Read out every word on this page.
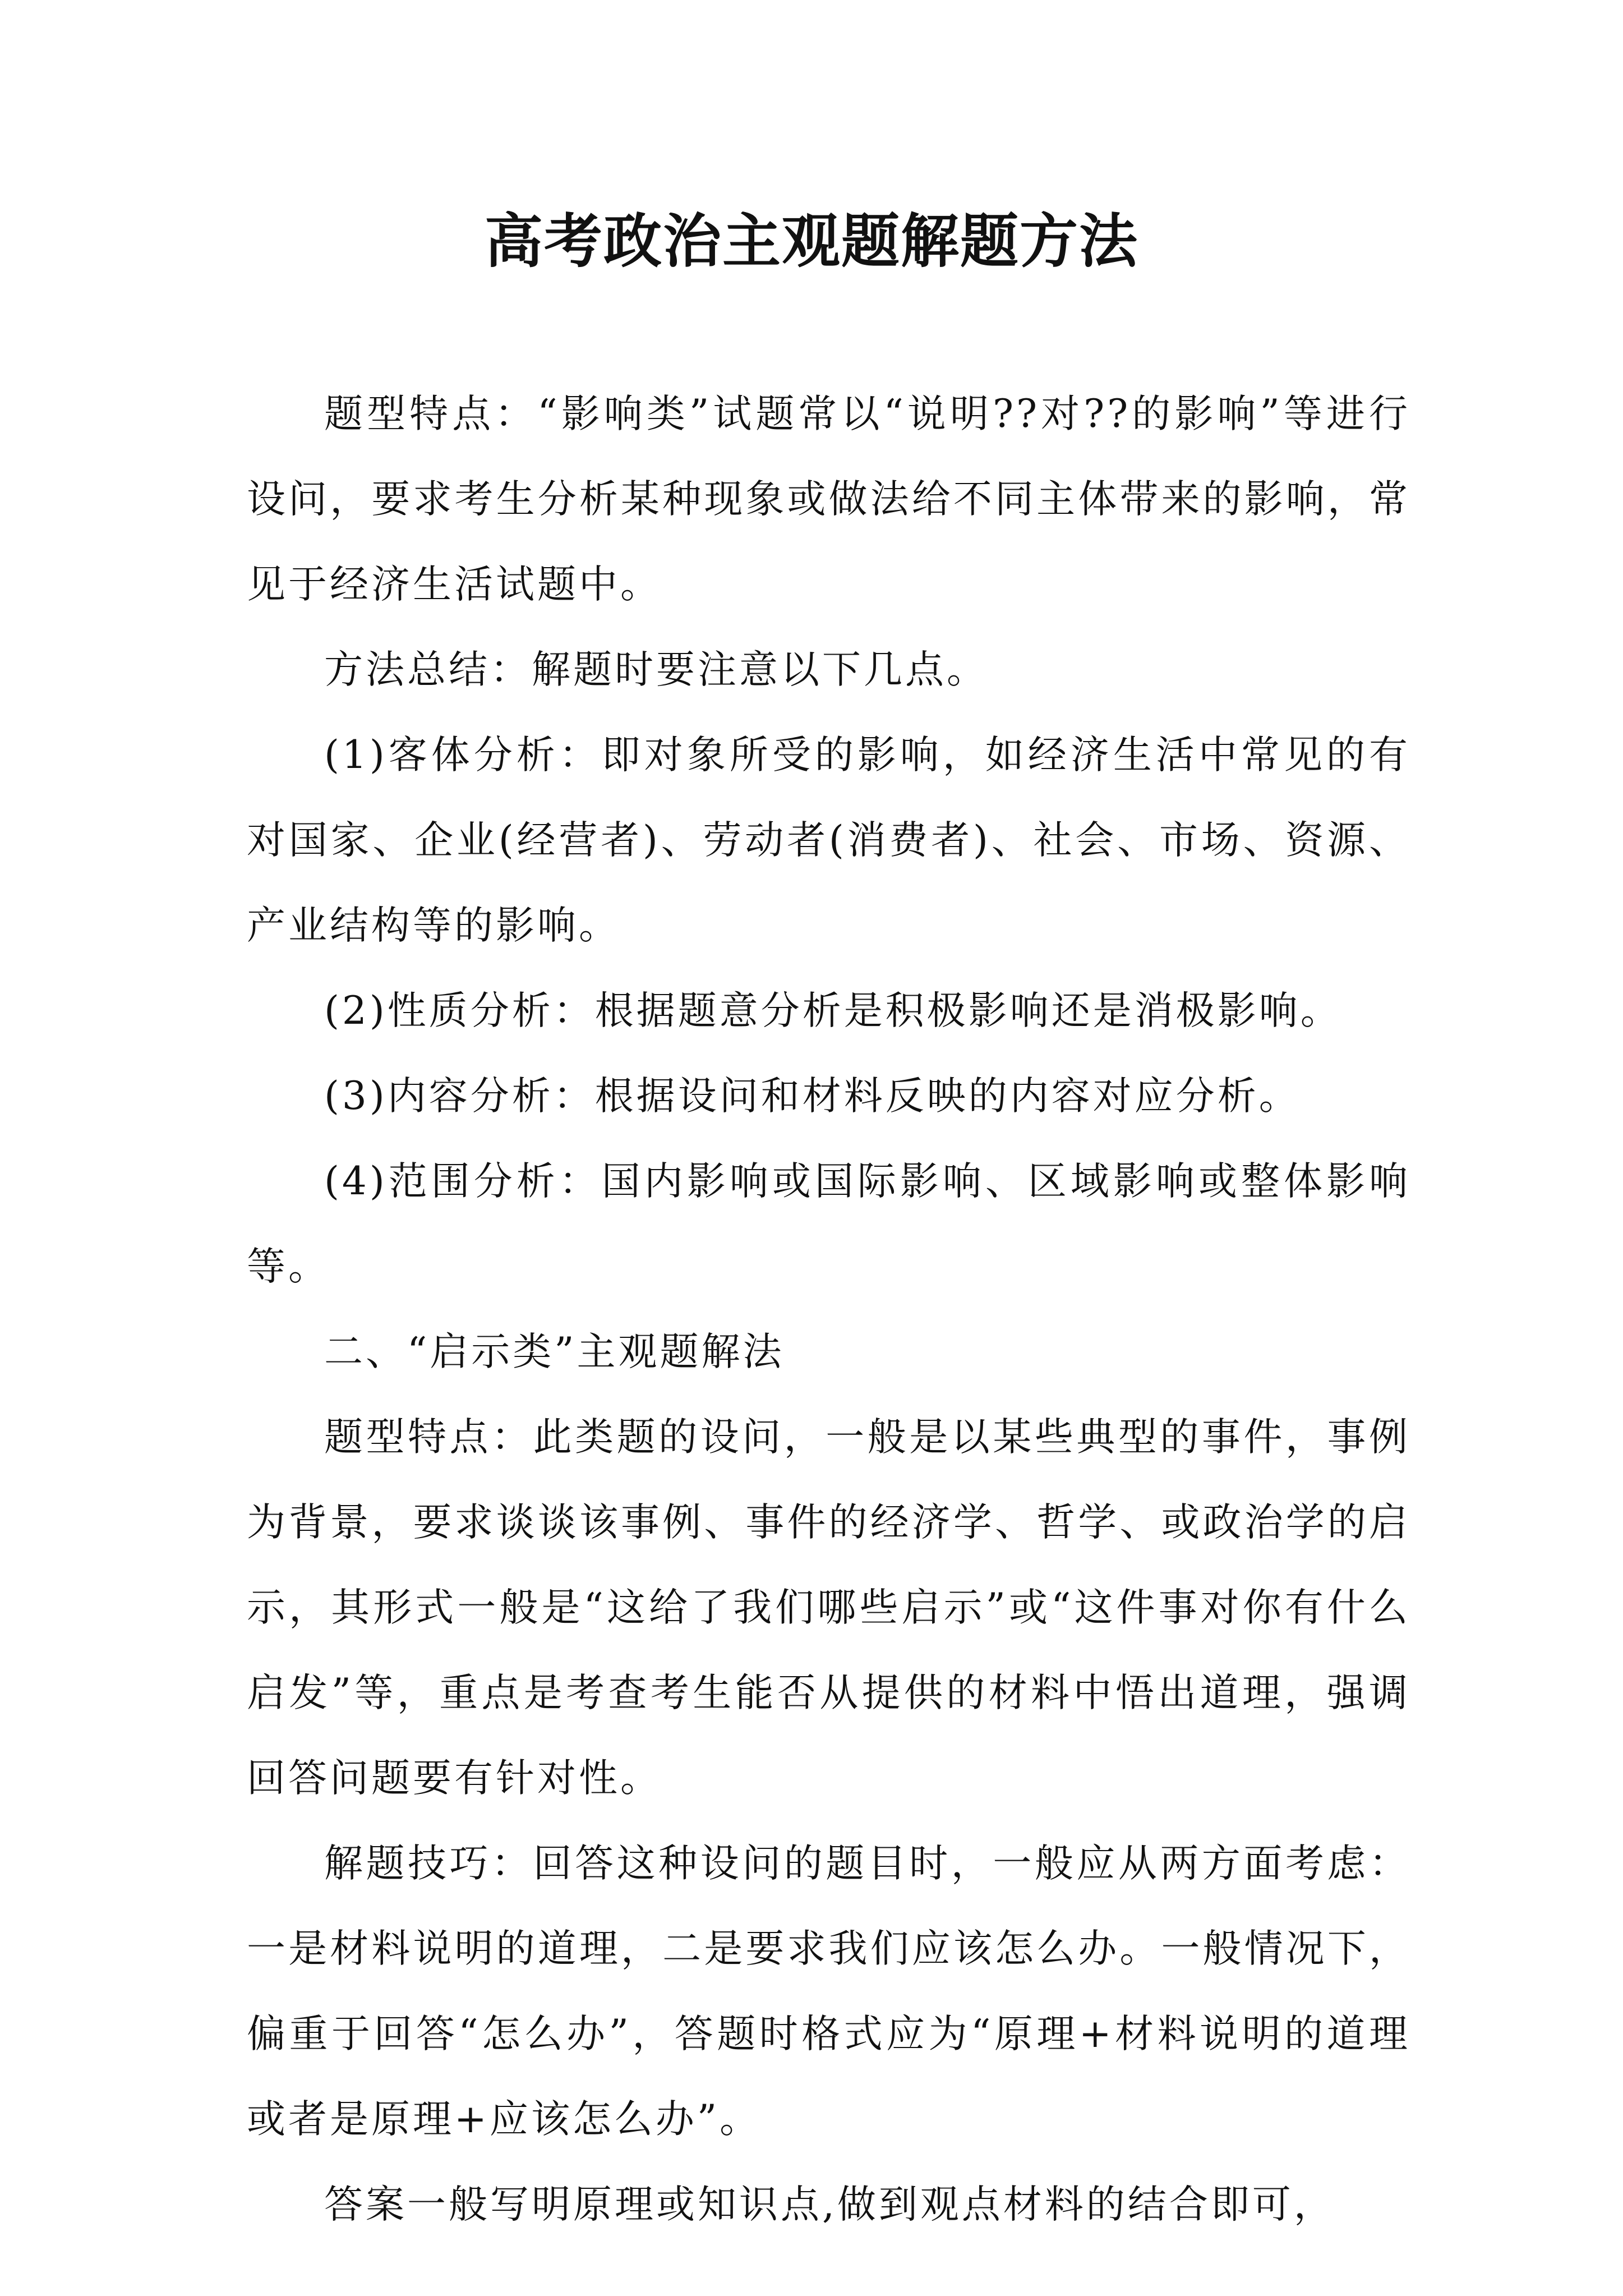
高考政治主观题解题方法

题型特点：“影响类”试题常以“说明??对??的影响”等进行设问，要求考生分析某种现象或做法给不同主体带来的影响，常见于经济生活试题中。

方法总结：解题时要注意以下几点。

(1)客体分析：即对象所受的影响，如经济生活中常见的有对国家、企业(经营者)、劳动者(消费者)、社会、市场、资源、产业结构等的影响。

(2)性质分析：根据题意分析是积极影响还是消极影响。

(3)内容分析：根据设问和材料反映的内容对应分析。

(4)范围分析：国内影响或国际影响、区域影响或整体影响等。

二、“启示类”主观题解法

题型特点：此类题的设问，一般是以某些典型的事件，事例为背景，要求谈谈该事例、事件的经济学、哲学、或政治学的启示，其形式一般是“这给了我们哪些启示”或“这件事对你有什么启发”等，重点是考查考生能否从提供的材料中悟出道理，强调回答问题要有针对性。

解题技巧：回答这种设问的题目时，一般应从两方面考虑：一是材料说明的道理，二是要求我们应该怎么办。一般情况下，偏重于回答“怎么办”，答题时格式应为“原理+材料说明的道理或者是原理+应该怎么办”。

答案一般写明原理或知识点,做到观点材料的结合即可，
